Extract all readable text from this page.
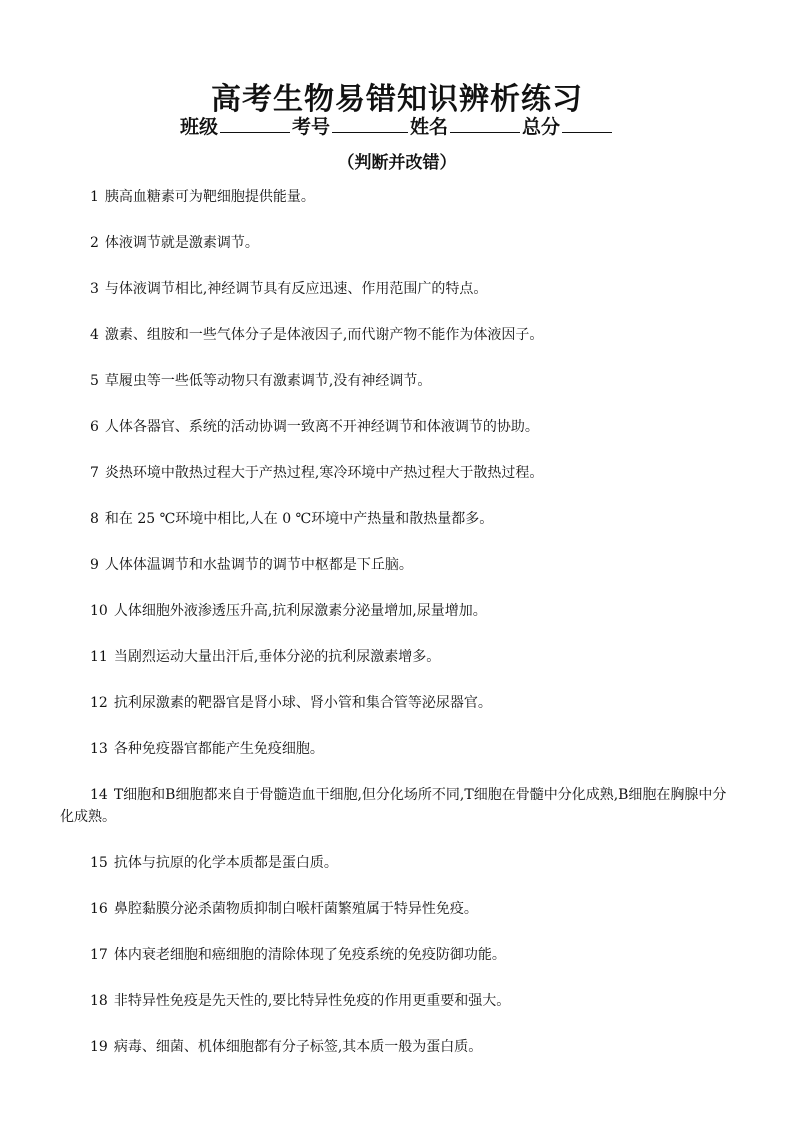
高考生物易错知识辨析练习
班级	考号	姓名	总分
（判断并改错）
1 胰高血糖素可为靶细胞提供能量。
2 体液调节就是激素调节。
3 与体液调节相比,神经调节具有反应迅速、作用范围广的特点。
4 激素、组胺和一些气体分子是体液因子,而代谢产物不能作为体液因子。
5 草履虫等一些低等动物只有激素调节,没有神经调节。
6 人体各器官、系统的活动协调一致离不开神经调节和体液调节的协助。
7 炎热环境中散热过程大于产热过程,寒冷环境中产热过程大于散热过程。
8 和在 25 ℃环境中相比,人在 0 ℃环境中产热量和散热量都多。
9 人体体温调节和水盐调节的调节中枢都是下丘脑。
10 人体细胞外液渗透压升高,抗利尿激素分泌量增加,尿量增加。
11 当剧烈运动大量出汗后,垂体分泌的抗利尿激素增多。
12 抗利尿激素的靶器官是肾小球、肾小管和集合管等泌尿器官。
13 各种免疫器官都能产生免疫细胞。
14 T细胞和B细胞都来自于骨髓造血干细胞,但分化场所不同,T细胞在骨髓中分化成熟,B细胞在胸腺中分化成熟。
15 抗体与抗原的化学本质都是蛋白质。
16 鼻腔黏膜分泌杀菌物质抑制白喉杆菌繁殖属于特异性免疫。
17 体内衰老细胞和癌细胞的清除体现了免疫系统的免疫防御功能。
18 非特异性免疫是先天性的,要比特异性免疫的作用更重要和强大。
19 病毒、细菌、机体细胞都有分子标签,其本质一般为蛋白质。
